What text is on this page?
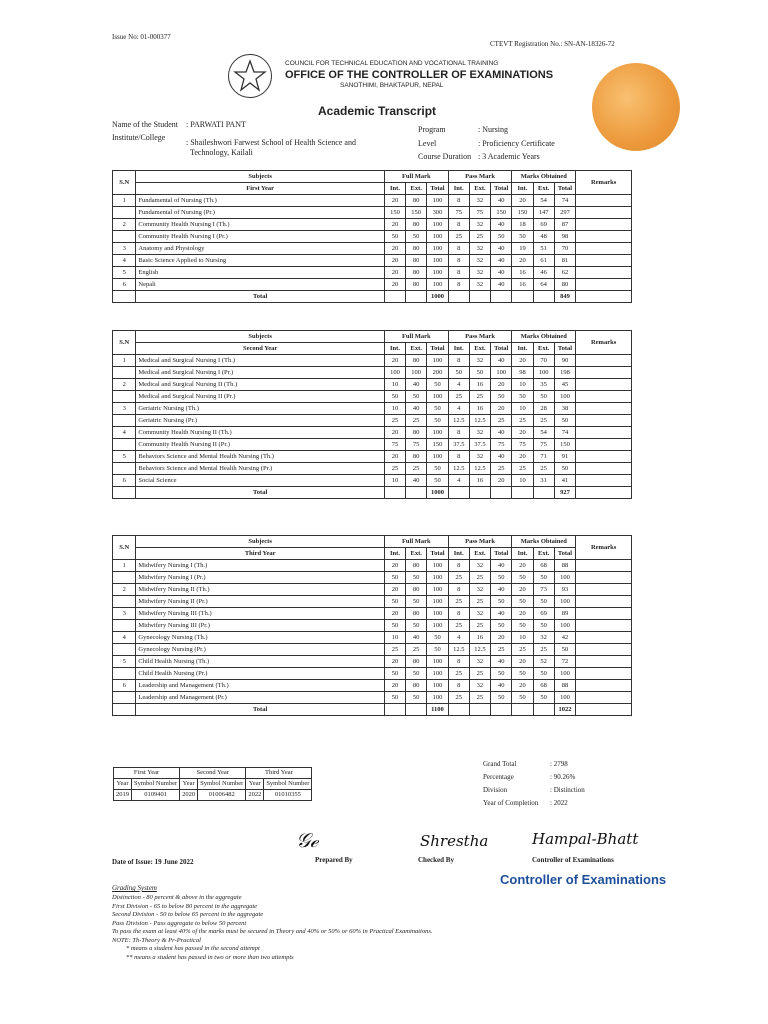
Issue No: 01-000377
CTEVT Registration No.: SN-AN-18326-72
COUNCIL FOR TECHNICAL EDUCATION AND VOCATIONAL TRAINING
OFFICE OF THE CONTROLLER OF EXAMINATIONS
SANOTHIMI, BHAKTAPUR, NEPAL
Academic Transcript
Name of the Student : PARWATI PANT
Institute/College
: Shaileshwori Farwest School of Health Science and
Technology, Kailali
Program	: Nursing
Level	: Proficiency Certificate
Course Duration : 3 Academic Years
S.N	Subjects	Full Mark			Pass Mark			Marks Obtained			Remarks
	First Year	Int.	Ext.	Total	Int.	Ext.	Total	Int.	Ext.	Total	
1	Fundamental of Nursing (Th.)	20	80	100	8	32	40	20	54	74	
	Fundamental of Nursing (Pr.)	150	150	300	75	75	150	150	147	297	
2	Community Health Nursing I (Th.)	20	80	100	8	32	40	18	69	87	
	Community Health Nursing I (Pr.)	50	50	100	25	25	50	50	48	98	
3	Anatomy and Physiology	20	80	100	8	32	40	19	51	70	
4	Basic Science Applied to Nursing	20	80	100	8	32	40	20	61	81	
5	English	20	80	100	8	32	40	16	46	62	
6	Nepali	20	80	100	8	32	40	16	64	80	
	Total			1000						849	
S.N	Subjects	Full Mark			Pass Mark			Marks Obtained			Remarks
	Second Year	Int.	Ext.	Total	Int.	Ext.	Total	Int.	Ext.	Total	
1	Medical and Surgical Nursing I (Th.)	20	80	100	8	32	40	20	70	90	
	Medical and Surgical Nursing I (Pr.)	100	100	200	50	50	100	98	100	198	
2	Medical and Surgical Nursing II (Th.)	10	40	50	4	16	20	10	35	45	
	Medical and Surgical Nursing II (Pr.)	50	50	100	25	25	50	50	50	100	
3	Geriatric Nursing (Th.)	10	40	50	4	16	20	10	28	38	
	Geriatric Nursing (Pr.)	25	25	50	12.5	12.5	25	25	25	50	
4	Community Health Nursing II (Th.)	20	80	100	8	32	40	20	54	74	
	Community Health Nursing II (Pr.)	75	75	150	37.5	37.5	75	75	75	150	
5	Behaviors Science and Mental Health Nursing (Th.)	20	80	100	8	32	40	20	71	91	
	Behaviors Science and Mental Health Nursing (Pr.)	25	25	50	12.5	12.5	25	25	25	50	
6	Social Science	10	40	50	4	16	20	10	31	41	
	Total			1000						927	
S.N	Subjects	Full Mark			Pass Mark			Marks Obtained			Remarks
	Third Year	Int.	Ext.	Total	Int.	Ext.	Total	Int.	Ext.	Total	
1	Midwifery Nursing I (Th.)	20	80	100	8	32	40	20	68	88	
	Midwifery Nursing I (Pr.)	50	50	100	25	25	50	50	50	100	
2	Midwifery Nursing II (Th.)	20	80	100	8	32	40	20	73	93	
	Midwifery Nursing II (Pr.)	50	50	100	25	25	50	50	50	100	
3	Midwifery Nursing III (Th.)	20	80	100	8	32	40	20	69	89	
	Midwifery Nursing III (Pr.)	50	50	100	25	25	50	50	50	100	
4	Gynecology Nursing (Th.)	10	40	50	4	16	20	10	32	42	
	Gynecology Nursing (Pr.)	25	25	50	12.5	12.5	25	25	25	50	
5	Child Health Nursing (Th.)	20	80	100	8	32	40	20	52	72	
	Child Health Nursing (Pr.)	50	50	100	25	25	50	50	50	100	
6	Leadership and Management (Th.)	20	80	100	8	32	40	20	68	88	
	Leadership and Management (Pr.)	50	50	100	25	25	50	50	50	100	
	Total			1100						1022	
First Year		Second Year		Third Year	
Year	Symbol Number	Year	Symbol Number	Year	Symbol Number
2019	0109401	2020	01006482	2022	01010355
Grand Total	: 2798
Percentage	: 90.26%
Division	: Distinction
Year of Completion : 2022
𝒢ℯ	Shrestha	Hampal-Bhatt
Date of Issue: 19 June 2022	Prepared By	Checked By	Controller of Examinations
Controller of Examinations
Grading System
Distinction - 80 percent & above in the aggregate
First Division - 65 to below 80 percent in the aggregate
Second Division - 50 to below 65 percent in the aggregate
Pass Division - Pass aggregate to below 50 percent
To pass the exam at least 40% of the marks must be secured in Theory and 40% or 50% or 60% in Practical Examinations.
NOTE: Th-Theory & Pr-Practical
* means a student has passed in the second attempt
** means a student has passed in two or more than two attempts
